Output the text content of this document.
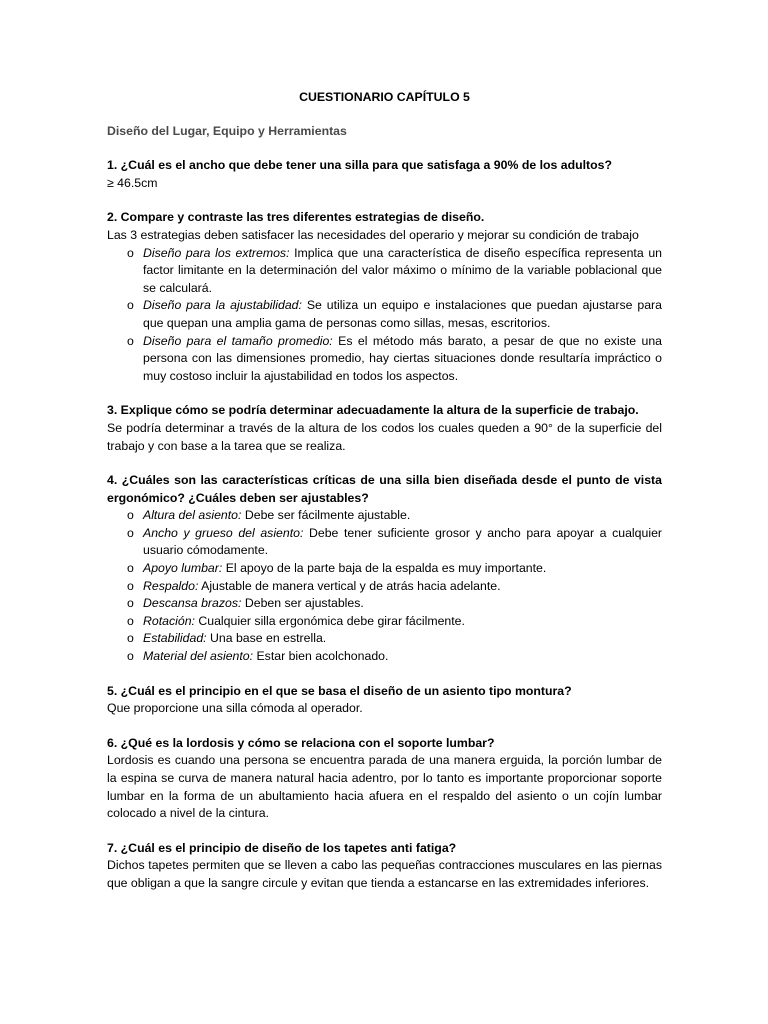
CUESTIONARIO CAPÍTULO 5

Diseño del Lugar, Equipo y Herramientas

1. ¿Cuál es el ancho que debe tener una silla para que satisfaga a 90% de los adultos?

≥ 46.5cm

2. Compare y contraste las tres diferentes estrategias de diseño.

Las 3 estrategias deben satisfacer las necesidades del operario y mejorar su condición de trabajo

o Diseño para los extremos: Implica que una característica de diseño específica representa un factor limitante en la determinación del valor máximo o mínimo de la variable poblacional que se calculará.
o Diseño para la ajustabilidad: Se utiliza un equipo e instalaciones que puedan ajustarse para que quepan una amplia gama de personas como sillas, mesas, escritorios.
o Diseño para el tamaño promedio: Es el método más barato, a pesar de que no existe una persona con las dimensiones promedio, hay ciertas situaciones donde resultaría impráctico o muy costoso incluir la ajustabilidad en todos los aspectos.

3. Explique cómo se podría determinar adecuadamente la altura de la superficie de trabajo.

Se podría determinar a través de la altura de los codos los cuales queden a 90° de la superficie del trabajo y con base a la tarea que se realiza.

4. ¿Cuáles son las características críticas de una silla bien diseñada desde el punto de vista ergonómico? ¿Cuáles deben ser ajustables?

o Altura del asiento: Debe ser fácilmente ajustable.
o Ancho y grueso del asiento: Debe tener suficiente grosor y ancho para apoyar a cualquier usuario cómodamente.
o Apoyo lumbar: El apoyo de la parte baja de la espalda es muy importante.
o Respaldo: Ajustable de manera vertical y de atrás hacia adelante.
o Descansa brazos: Deben ser ajustables.
o Rotación: Cualquier silla ergonómica debe girar fácilmente.
o Estabilidad: Una base en estrella.
o Material del asiento: Estar bien acolchonado.

5. ¿Cuál es el principio en el que se basa el diseño de un asiento tipo montura?

Que proporcione una silla cómoda al operador.

6. ¿Qué es la lordosis y cómo se relaciona con el soporte lumbar?

Lordosis es cuando una persona se encuentra parada de una manera erguida, la porción lumbar de la espina se curva de manera natural hacia adentro, por lo tanto es importante proporcionar soporte lumbar en la forma de un abultamiento hacia afuera en el respaldo del asiento o un cojín lumbar colocado a nivel de la cintura.

7. ¿Cuál es el principio de diseño de los tapetes anti fatiga?

Dichos tapetes permiten que se lleven a cabo las pequeñas contracciones musculares en las piernas que obligan a que la sangre circule y evitan que tienda a estancarse en las extremidades inferiores.
